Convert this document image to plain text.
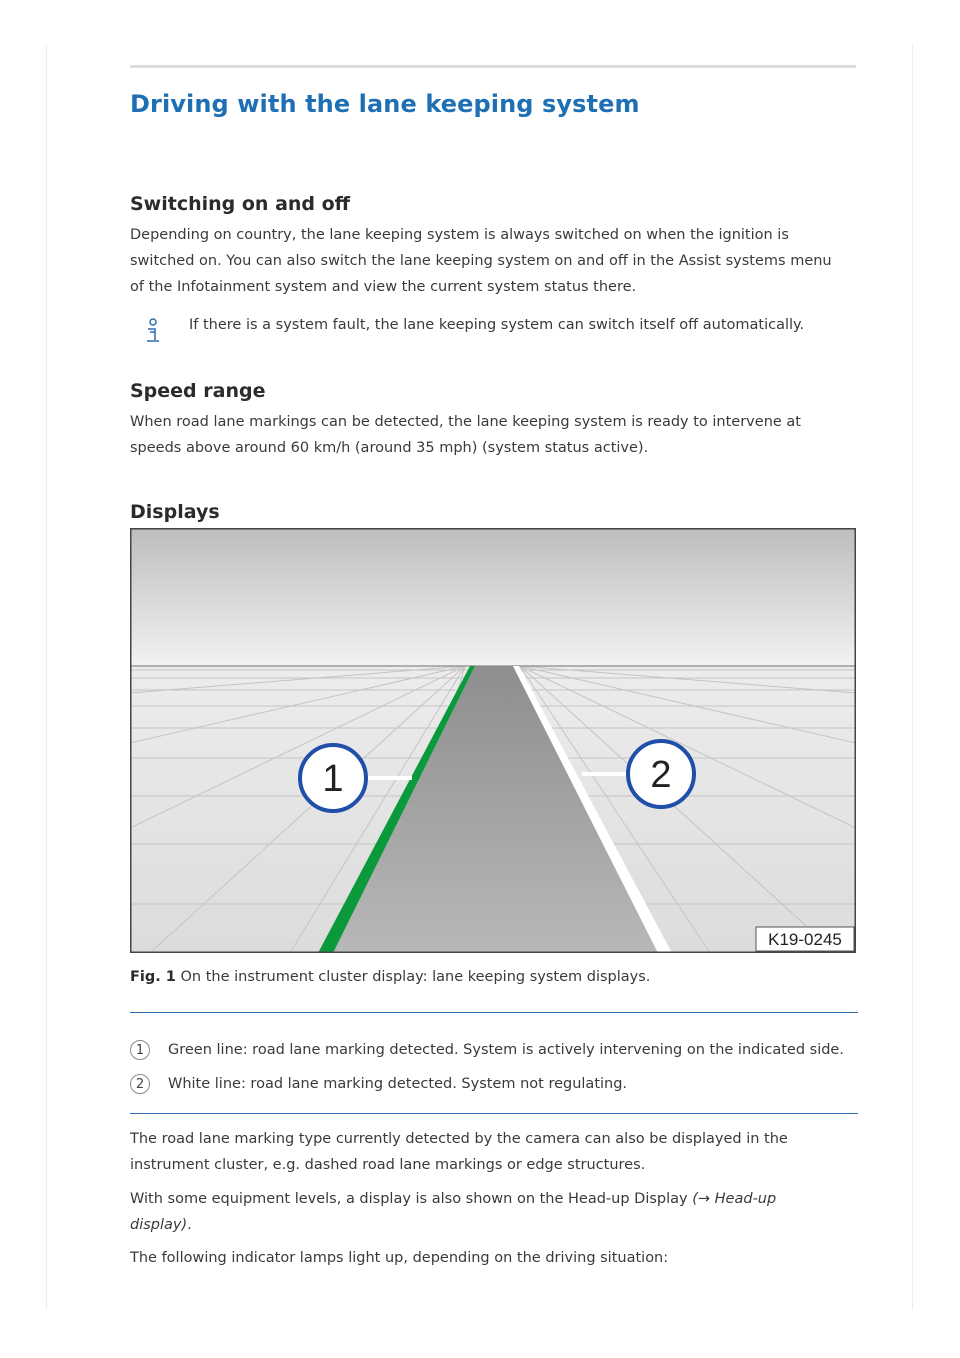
Driving with the lane keeping system
Switching on and off

Depending on country, the lane keeping system is always switched on when the ignition is
switched on. You can also switch the lane keeping system on and off in the Assist systems menu
of the Infotainment system and view the current system status there.

If there is a system fault, the lane keeping system can switch itself off automatically.

Speed range

When road lane markings can be detected, the lane keeping system is ready to intervene at
speeds above around 60 km/h (around 35 mph) (system status active).

Displays
1	2
K19-0245

Fig. 1 On the instrument cluster display: lane keeping system displays.

1	Green line: road lane marking detected. System is actively intervening on the indicated side.
2	White line: road lane marking detected. System not regulating.

The road lane marking type currently detected by the camera can also be displayed in the
instrument cluster, e.g. dashed road lane markings or edge structures.

With some equipment levels, a display is also shown on the Head-up Display (→ Head-up
display).

The following indicator lamps light up, depending on the driving situation:
